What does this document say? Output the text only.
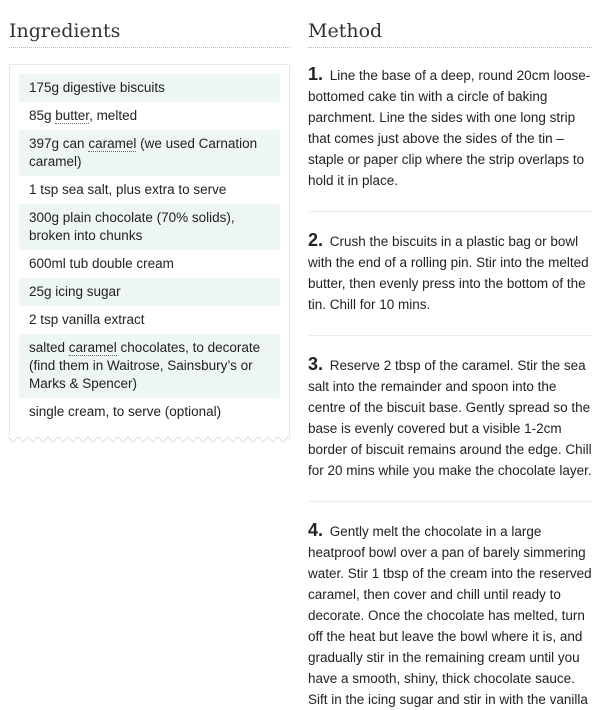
Ingredients
175g digestive biscuits
85g butter, melted
397g can caramel (we used Carnation caramel)
1 tsp sea salt, plus extra to serve
300g plain chocolate (70% solids), broken into chunks
600ml tub double cream
25g icing sugar
2 tsp vanilla extract
salted caramel chocolates, to decorate (find them in Waitrose, Sainsbury’s or Marks & Spencer)
single cream, to serve (optional)
Method

1. Line the base of a deep, round 20cm loose-bottomed cake tin with a circle of baking parchment. Line the sides with one long strip that comes just above the sides of the tin – staple or paper clip where the strip overlaps to hold it in place.

2. Crush the biscuits in a plastic bag or bowl with the end of a rolling pin. Stir into the melted butter, then evenly press into the bottom of the tin. Chill for 10 mins.

3. Reserve 2 tbsp of the caramel. Stir the sea salt into the remainder and spoon into the centre of the biscuit base. Gently spread so the base is evenly covered but a visible 1-2cm border of biscuit remains around the edge. Chill for 20 mins while you make the chocolate layer.

4. Gently melt the chocolate in a large heatproof bowl over a pan of barely simmering water. Stir 1 tbsp of the cream into the reserved caramel, then cover and chill until ready to decorate. Once the chocolate has melted, turn off the heat but leave the bowl where it is, and gradually stir in the remaining cream until you have a smooth, shiny, thick chocolate sauce. Sift in the icing sugar and stir in with the vanilla
